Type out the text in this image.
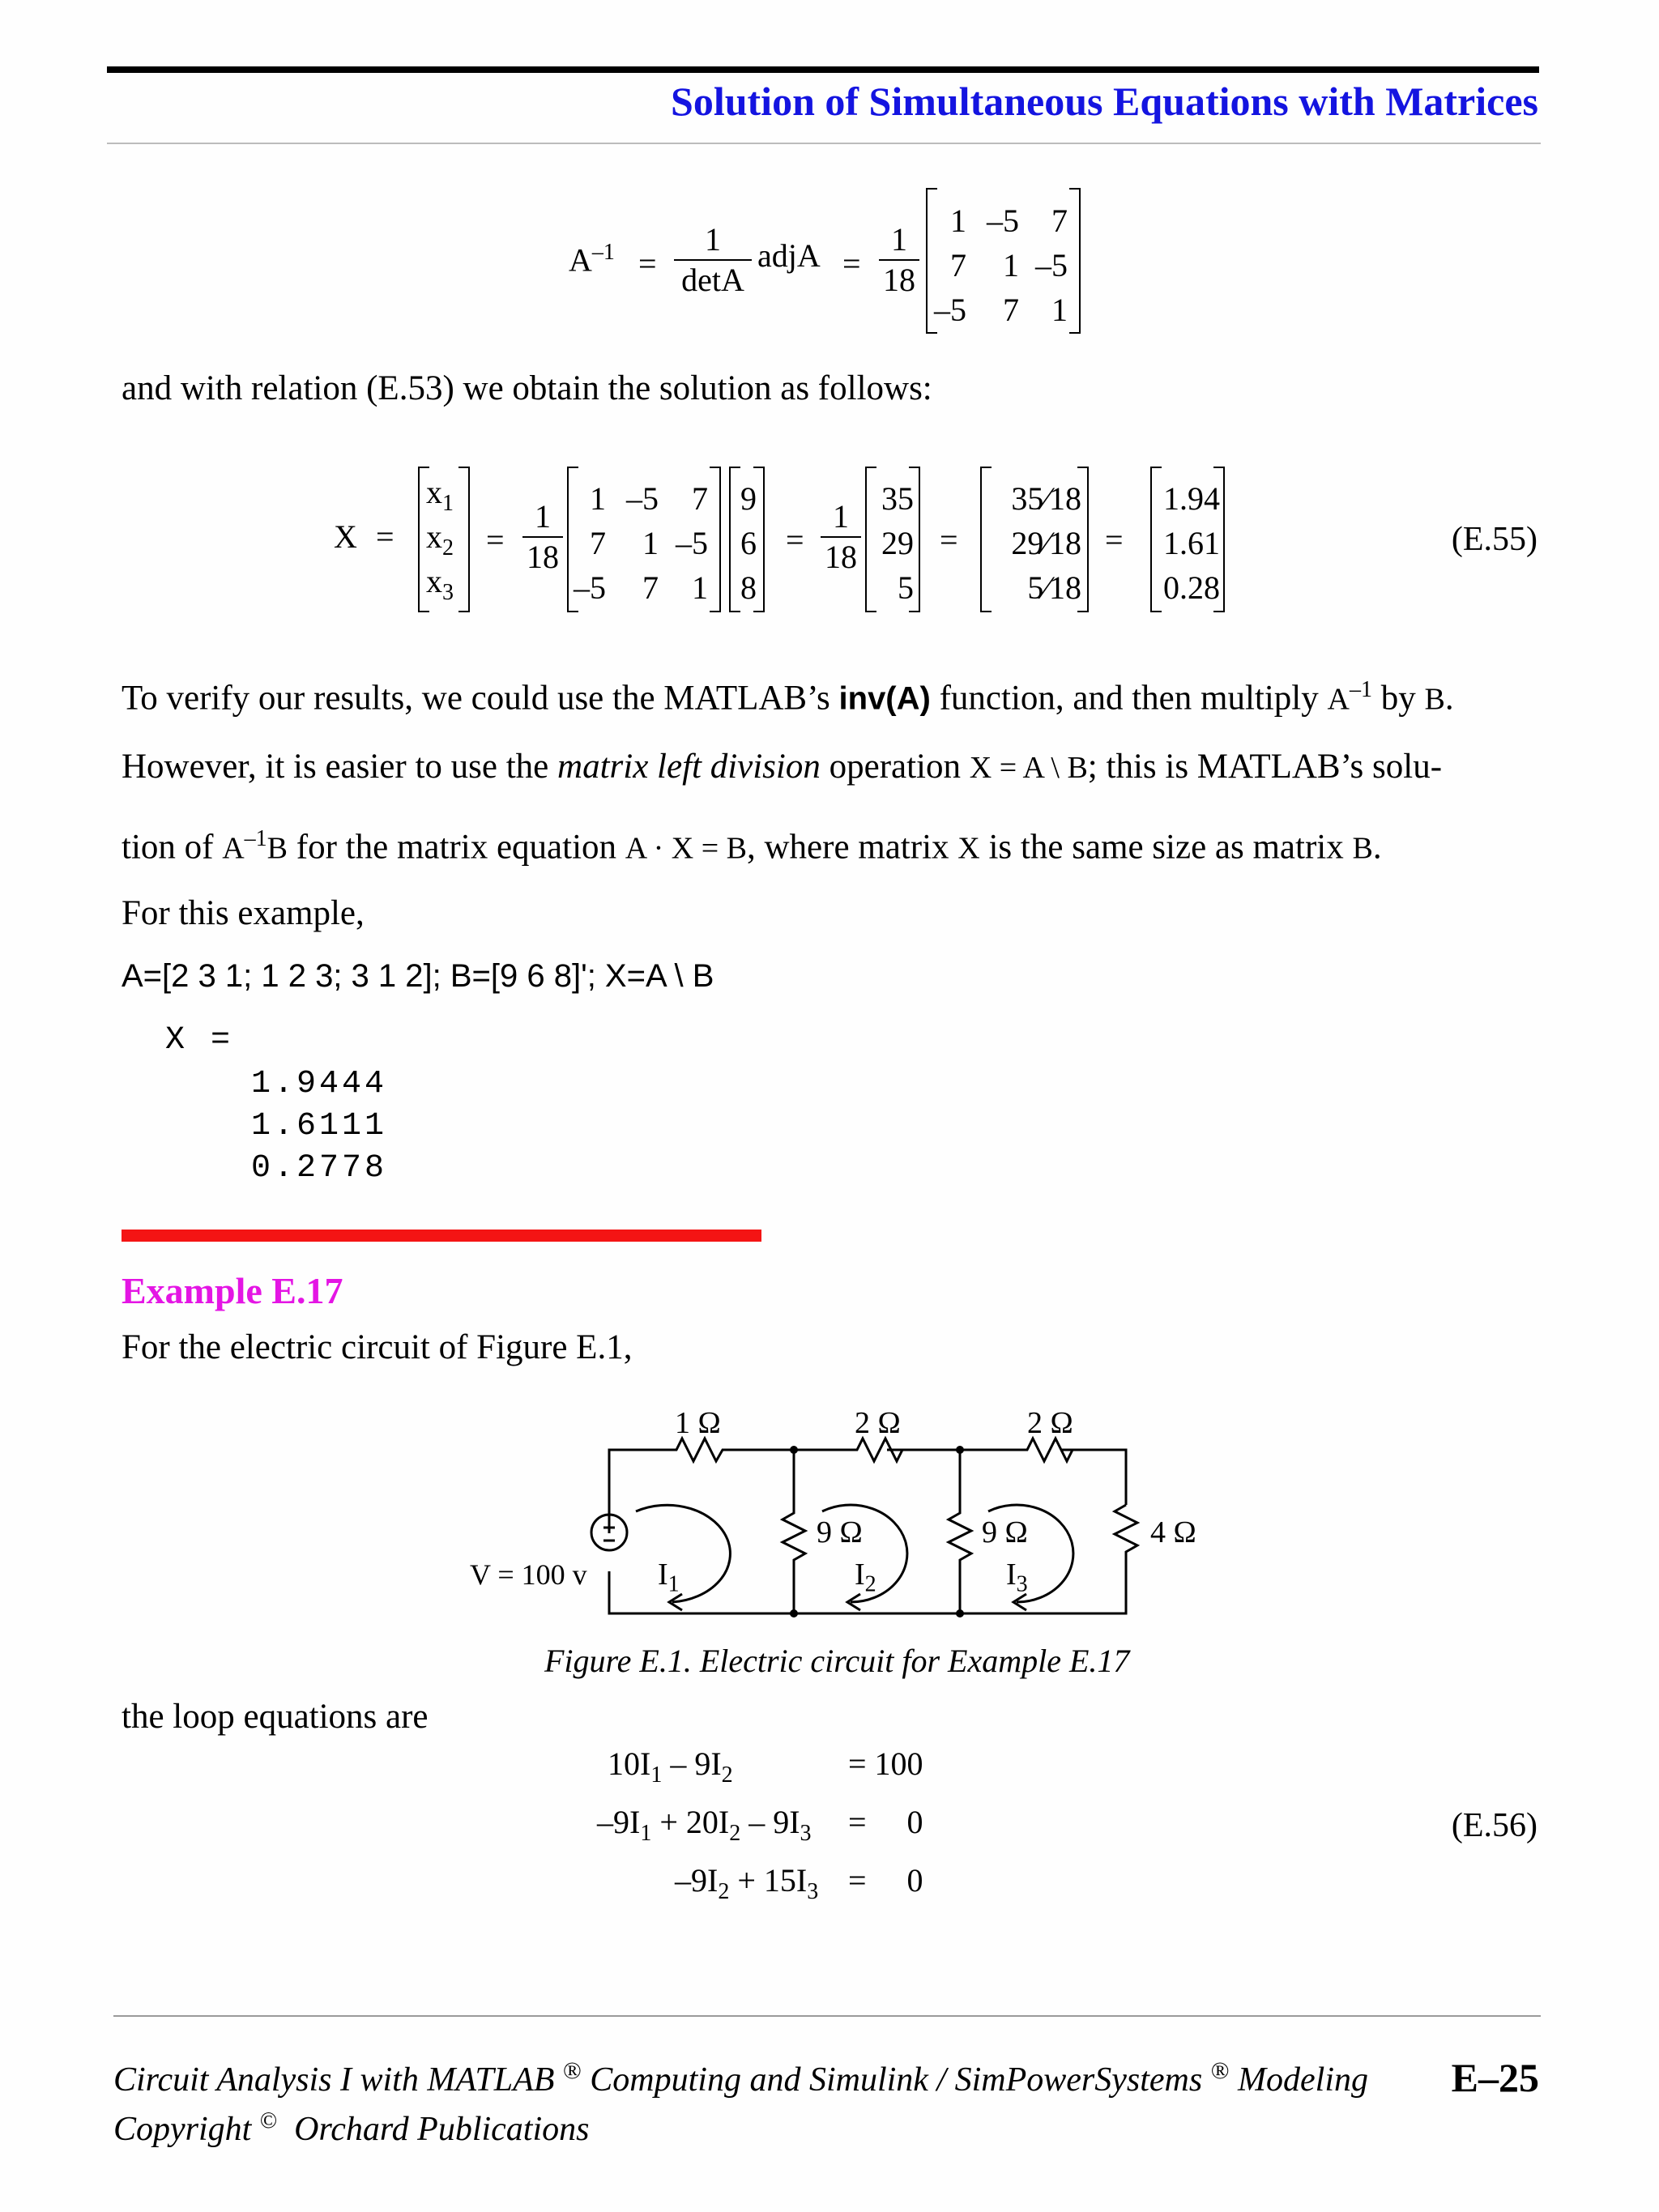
Solution of Simultaneous Equations with Matrices
$A^{-1}$ =
1
detA
adjA =
1
18
1 –5	7
7	1 –5
–5	7	1
and with relation (E.53) we obtain the solution as follows:
X =
$x_1$
$x_2$
$x_3$
=
1
18
1 –5	7
7	1 –5
–5	7	1
9
6
8
=
1
18
35
29
5
=
35⁄18
29⁄18
5⁄18
=
1.94
1.61
0.28
(E.55)
To verify our results, we could use the MATLAB’s inv(A) function, and then multiply $A^{-1}$ by B.
However, it is easier to use the matrix left division operation X = A \ B; this is MATLAB’s solu-
tion of $A^{-1}B$ for the matrix equation A · X = B, where matrix X is the same size as matrix B.
For this example,
A=[2 3 1; 1 2 3; 3 1 2]; B=[9 6 8]'; X=A \ B
X =
1.9444
1.6111
0.2778
Example E.17
For the electric circuit of Figure E.1,
1 Ω	2 Ω	2 Ω
9 Ω	9 Ω	4 Ω
V = 100 v $I_1$	$I_2$	$I_3$
Figure E.1. Electric circuit for Example E.17
the loop equations are
$10I_1 - 9I_2$	= 100
$-9I_1 + 20I_2 - 9I_3$ =     0
$-9I_2 + 15I_3$ =     0
(E.56)
Circuit Analysis I with MATLAB ® Computing and Simulink / SimPowerSystems ® Modeling
Copyright ©  Orchard Publications
E–25
